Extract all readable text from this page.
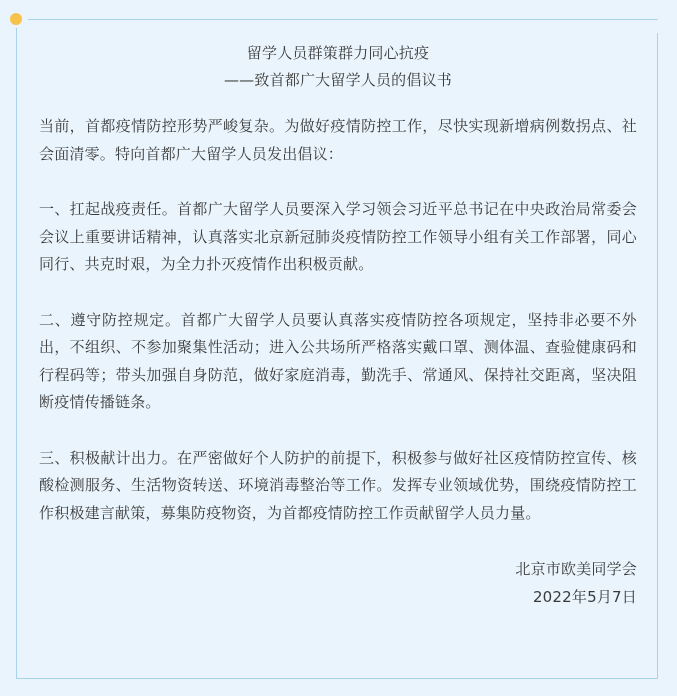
留学人员群策群力同心抗疫

——致首都广大留学人员的倡议书

当前，首都疫情防控形势严峻复杂。为做好疫情防控工作，尽快实现新增病例数拐点、社会面清零。特向首都广大留学人员发出倡议：

一、扛起战疫责任。首都广大留学人员要深入学习领会习近平总书记在中央政治局常委会会议上重要讲话精神，认真落实北京新冠肺炎疫情防控工作领导小组有关工作部署，同心同行、共克时艰，为全力扑灭疫情作出积极贡献。

二、遵守防控规定。首都广大留学人员要认真落实疫情防控各项规定，坚持非必要不外出，不组织、不参加聚集性活动；进入公共场所严格落实戴口罩、测体温、查验健康码和行程码等；带头加强自身防范，做好家庭消毒，勤洗手、常通风、保持社交距离，坚决阻断疫情传播链条。

三、积极献计出力。在严密做好个人防护的前提下，积极参与做好社区疫情防控宣传、核酸检测服务、生活物资转送、环境消毒整治等工作。发挥专业领域优势，围绕疫情防控工作积极建言献策，募集防疫物资，为首都疫情防控工作贡献留学人员力量。

北京市欧美同学会
2022年5月7日
